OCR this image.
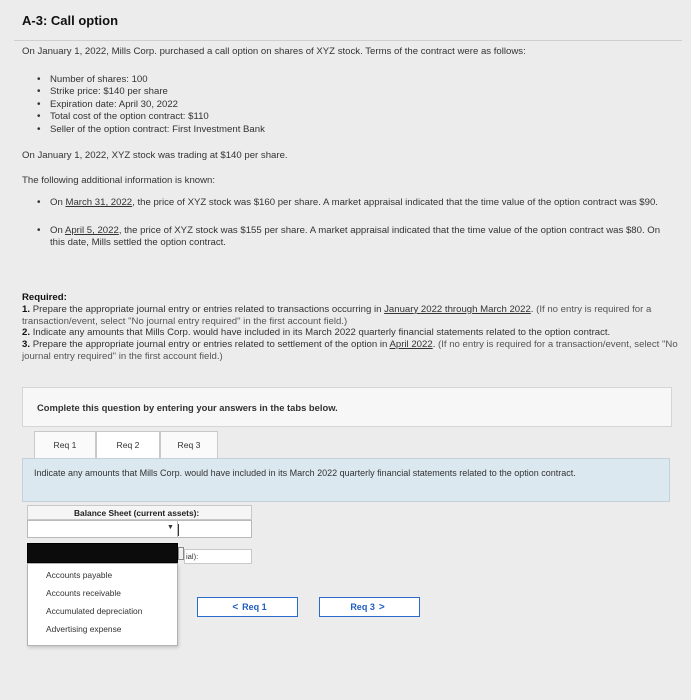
A-3: Call option
On January 1, 2022, Mills Corp. purchased a call option on shares of XYZ stock. Terms of the contract were as follows:
• Number of shares: 100
• Strike price: $140 per share
• Expiration date: April 30, 2022
• Total cost of the option contract: $110
• Seller of the option contract: First Investment Bank
On January 1, 2022, XYZ stock was trading at $140 per share.
The following additional information is known:
• On March 31, 2022, the price of XYZ stock was $160 per share. A market appraisal indicated that the time value of the option contract was $90.
• On April 5, 2022, the price of XYZ stock was $155 per share. A market appraisal indicated that the time value of the option contract was $80. On this date, Mills settled the option contract.
Required:
1. Prepare the appropriate journal entry or entries related to transactions occurring in January 2022 through March 2022. (If no entry is required for a transaction/event, select "No journal entry required" in the first account field.)
2. Indicate any amounts that Mills Corp. would have included in its March 2022 quarterly financial statements related to the option contract.
3. Prepare the appropriate journal entry or entries related to settlement of the option in April 2022. (If no entry is required for a transaction/event, select "No journal entry required" in the first account field.)
Complete this question by entering your answers in the tabs below.
Req 1	Req 2	Req 3
Indicate any amounts that Mills Corp. would have included in its March 2022 quarterly financial statements related to the option contract.
Balance Sheet (current assets):
▼
ial):
Accounts payable
Accounts receivable
Accumulated depreciation
Advertising expense
< Req 1	Req 3 >
